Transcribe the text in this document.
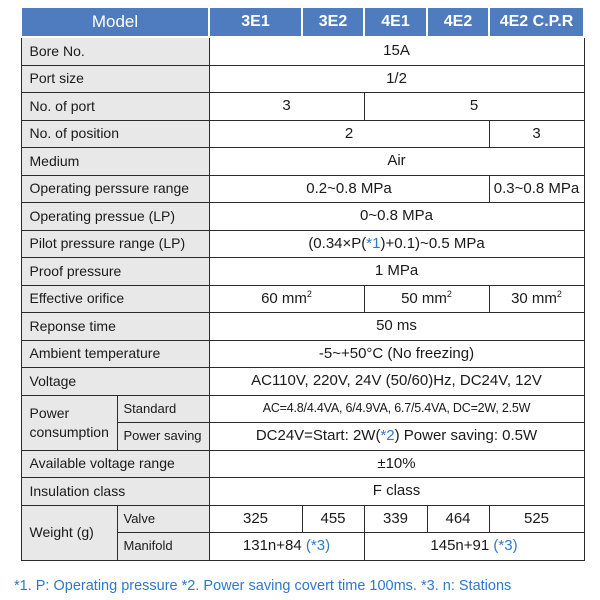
Model		3E1	3E2	4E1	4E2	4E2 C.P.R
Bore No.		15A				
Port size		1/2				
No. of port		3		5		
No. of position		2				3
Medium		Air				
Operating perssure range		0.2~0.8 MPa				0.3~0.8 MPa
Operating pressue (LP)		0~0.8 MPa				
Pilot pressure range (LP)		(0.34×P(*1)+0.1)~0.5 MPa				
Proof pressure		1 MPa				
Effective orifice		60 $mm^2$		50 $mm^2$		30 $mm^2$
Reponse time		50 ms				
Ambient temperature		-5~+50°C (No freezing)				
Voltage		AC110V, 220V, 24V (50/60)Hz, DC24V, 12V				
Power
consumption	Standard	AC=4.8/4.4VA, 6/4.9VA, 6.7/5.4VA, DC=2W, 2.5W				
	Power saving	DC24V=Start: 2W(*2) Power saving: 0.5W				
Available voltage range		±10%				
Insulation class		F class				
Weight (g)	Valve	325	455	339	464	525
	Manifold	131n+84 (*3)		145n+91 (*3)		
*1. P: Operating pressure *2. Power saving covert time 100ms. *3. n: Stations
